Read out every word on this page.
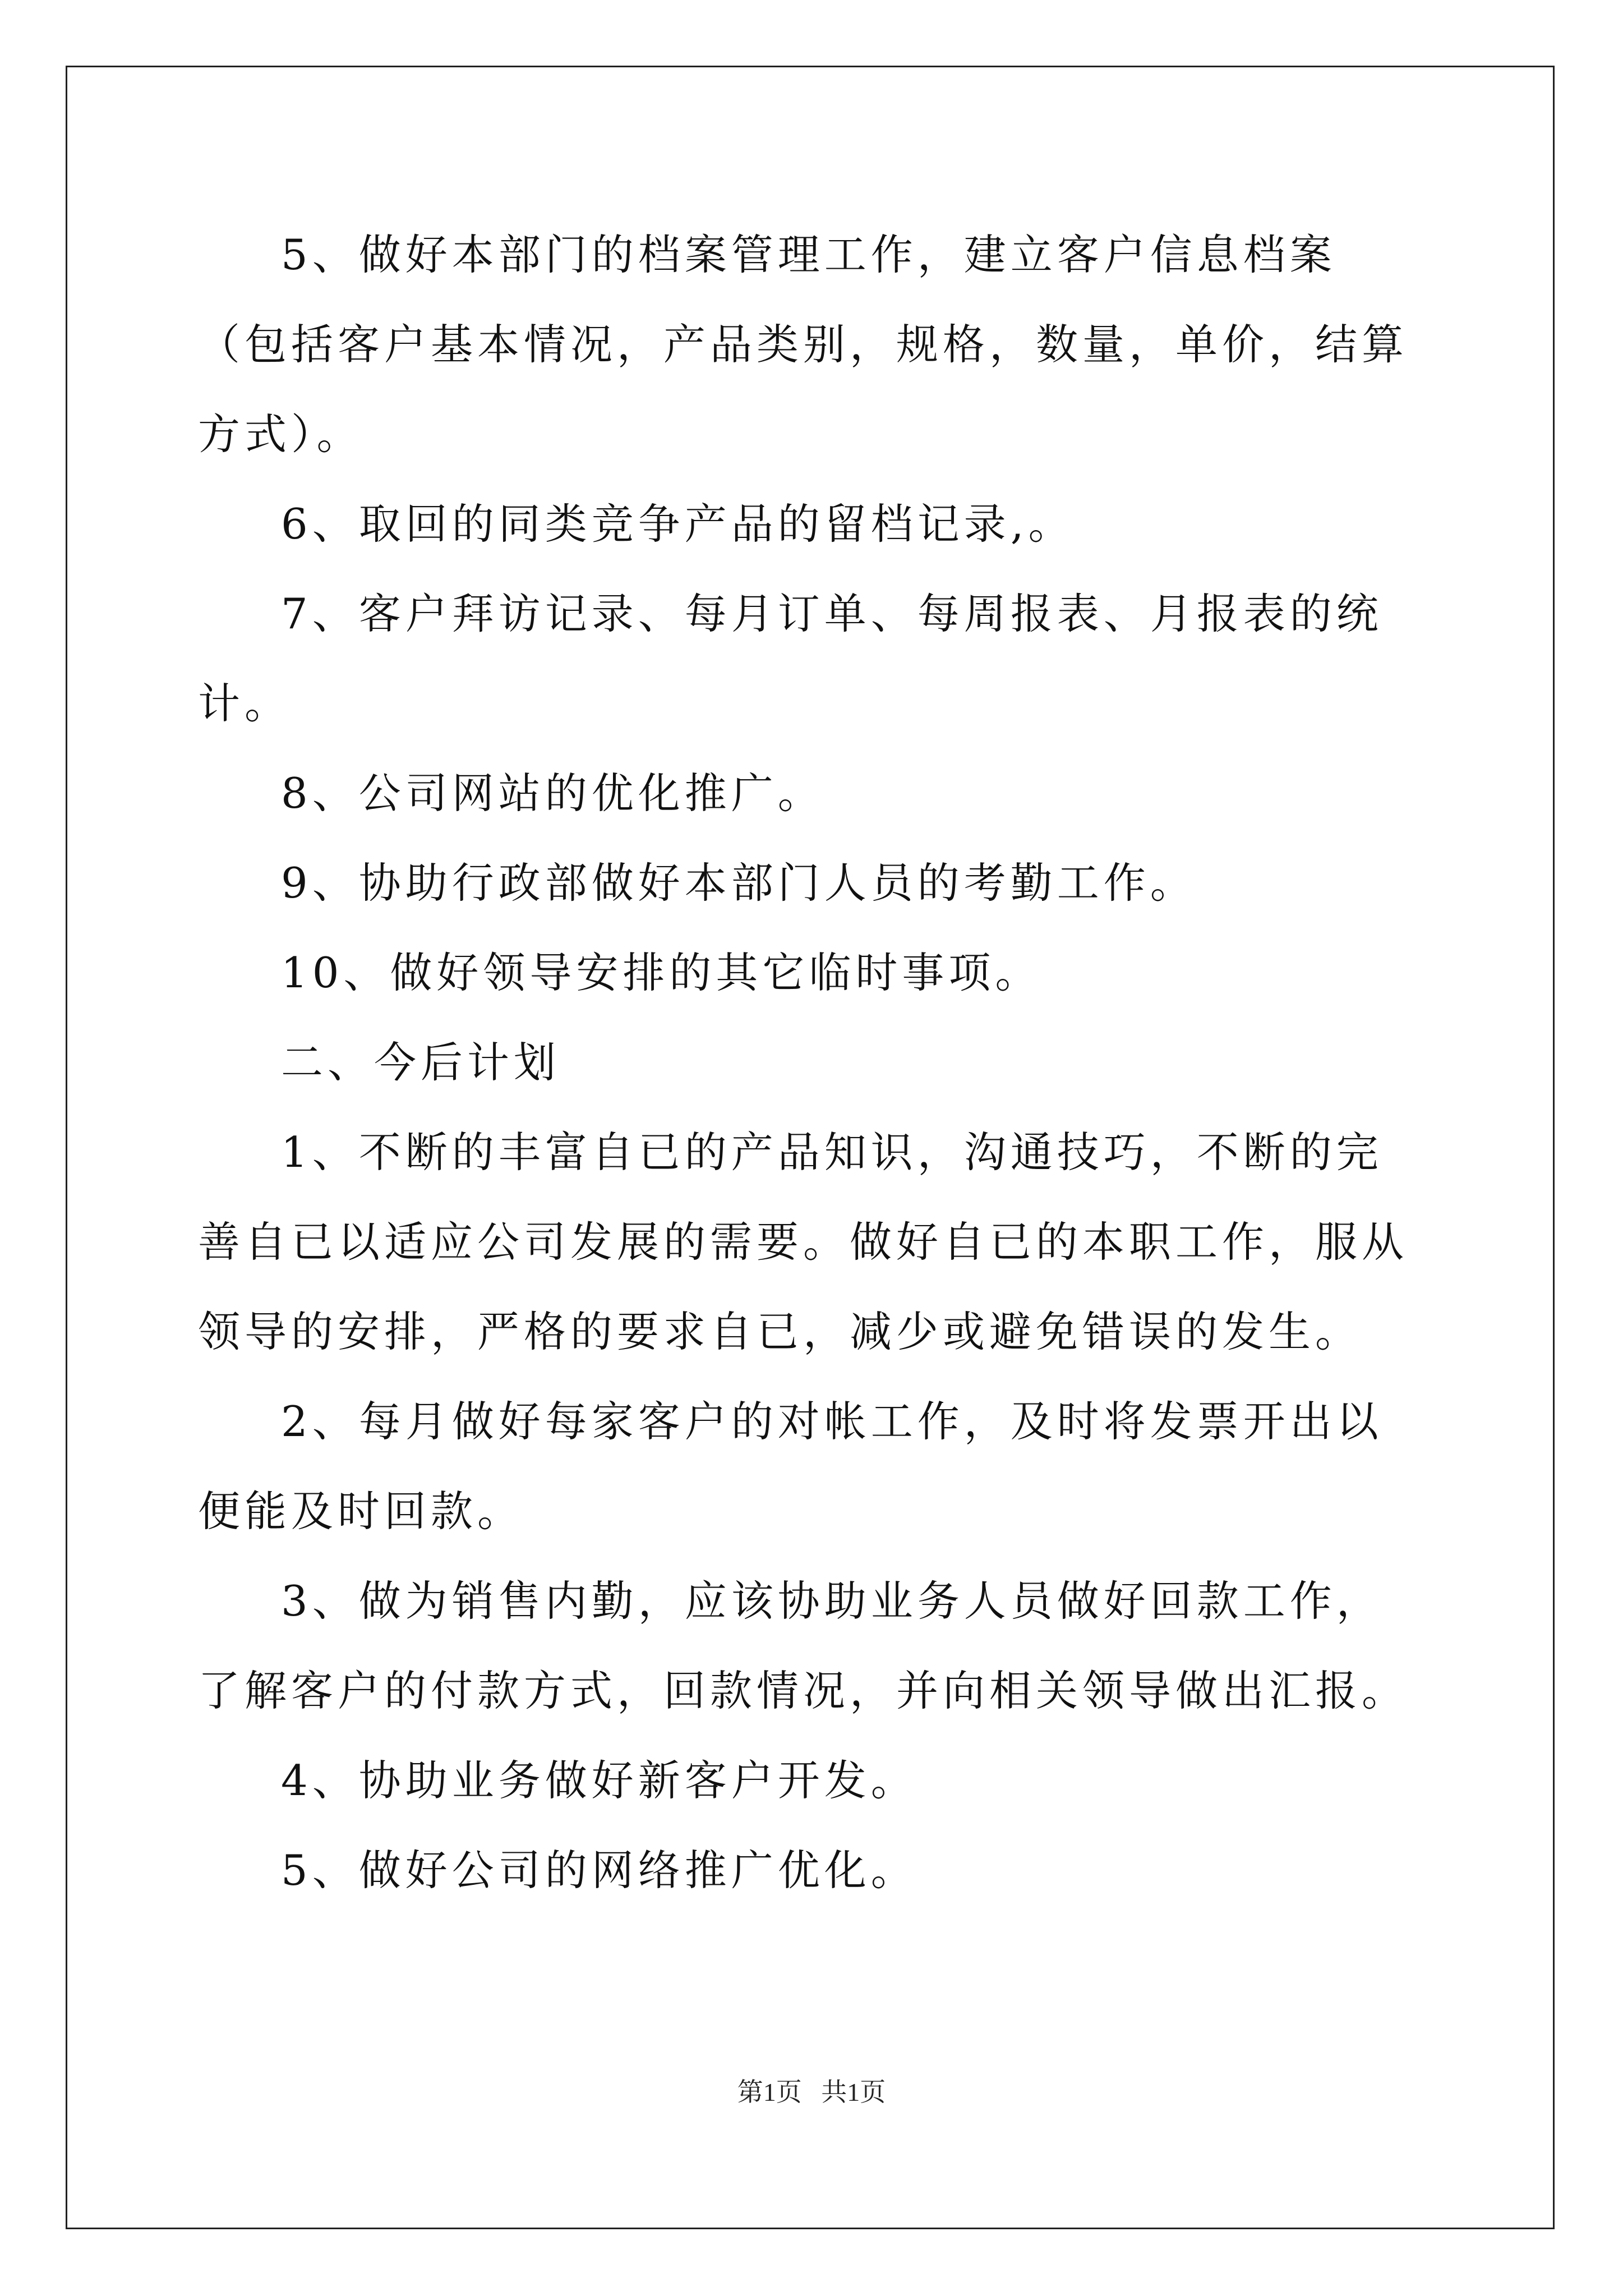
5、做好本部门的档案管理工作，建立客户信息档案（包括客户基本情况，产品类别，规格，数量，单价，结算方式）。

6、取回的同类竞争产品的留档记录,。

7、客户拜访记录、每月订单、每周报表、月报表的统计。

8、公司网站的优化推广。

9、协助行政部做好本部门人员的考勤工作。

10、做好领导安排的其它临时事项。

二、今后计划

1、不断的丰富自已的产品知识，沟通技巧，不断的完善自已以适应公司发展的需要。做好自已的本职工作，服从领导的安排，严格的要求自已，减少或避免错误的发生。

2、每月做好每家客户的对帐工作，及时将发票开出以便能及时回款。

3、做为销售内勤，应该协助业务人员做好回款工作，了解客户的付款方式，回款情况，并向相关领导做出汇报。

4、协助业务做好新客户开发。

5、做好公司的网络推广优化。

第1页   共1页
